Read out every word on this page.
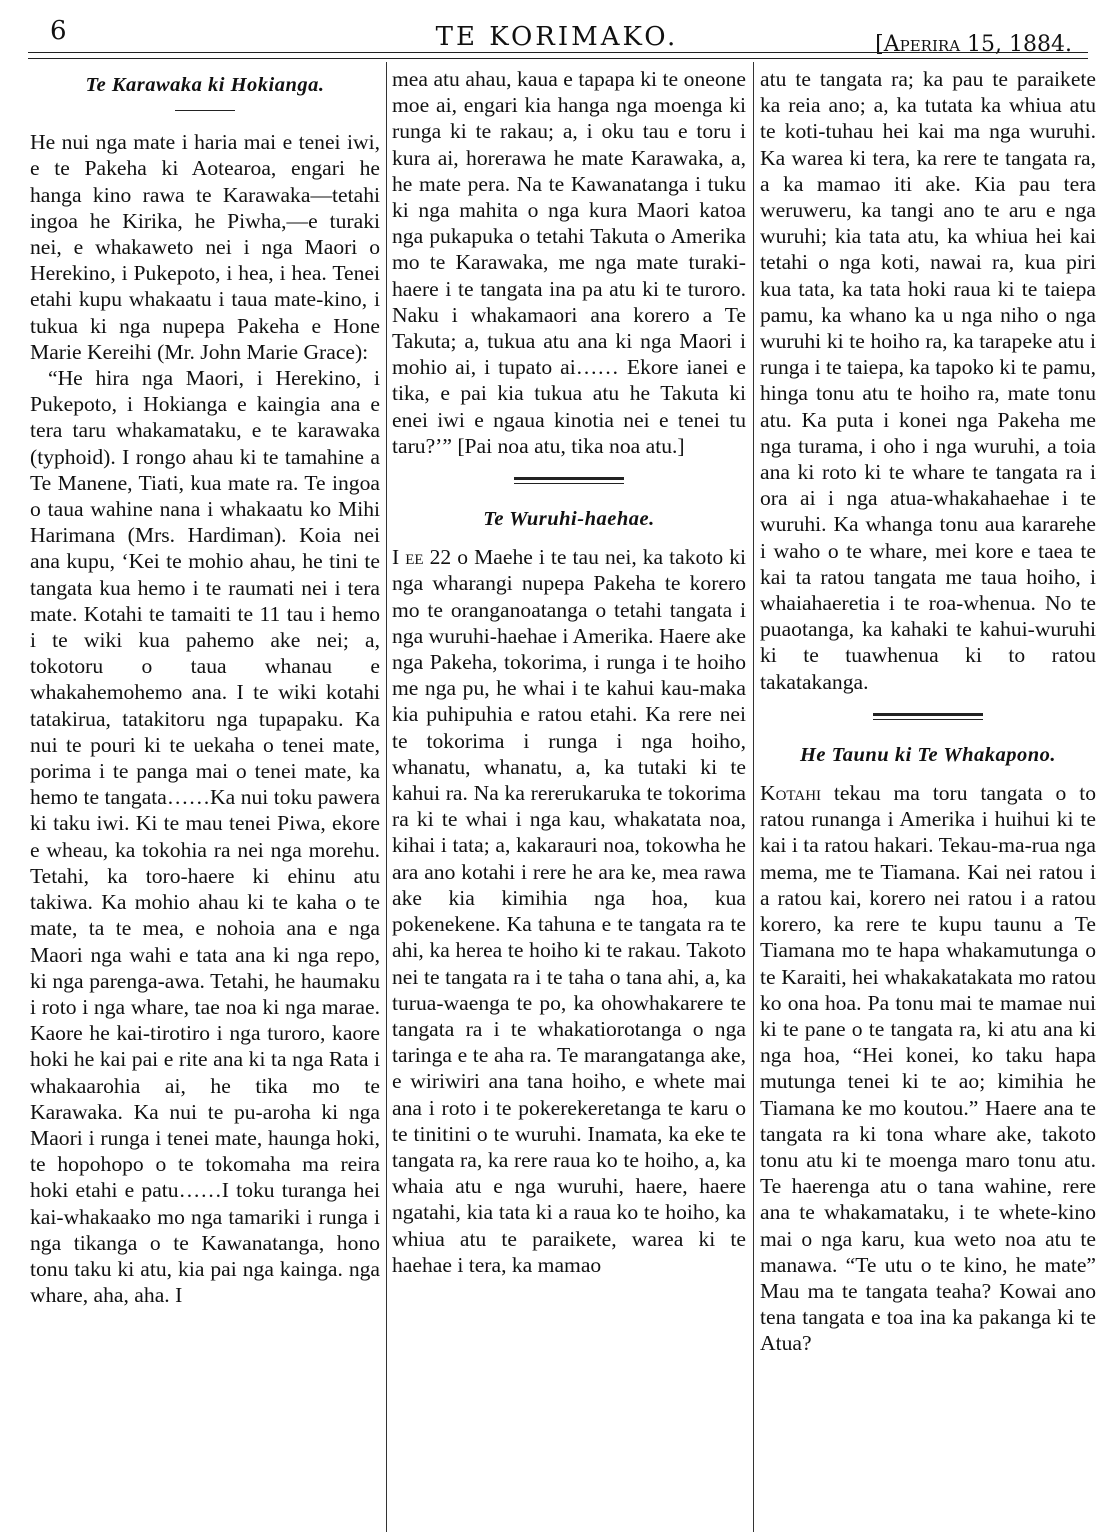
6	TE KORIMAKO.	[Aperira 15, 1884.
Te Karawaka ki Hokianga.

He nui nga mate i haria mai e tenei iwi, e te Pakeha ki Aotearoa, engari he hanga kino rawa te Karawaka—tetahi ingoa he Kirika, he Piwha,—e turaki nei, e whakaweto nei i nga Maori o Herekino, i Pukepoto, i hea, i hea. Tenei etahi kupu whakaatu i taua mate-kino, i tukua ki nga nupepa Pakeha e Hone Marie Kereihi (Mr. John Marie Grace):

“He hira nga Maori, i Herekino, i Pukepoto, i Hokianga e kaingia ana e tera taru whakamataku, e te karawaka (typhoid). I rongo ahau ki te tamahine a Te Manene, Tiati, kua mate ra. Te ingoa o taua wahine nana i whakaatu ko Mihi Harimana (Mrs. Hardiman). Koia nei ana kupu, ‘Kei te mohio ahau, he tini te tangata kua hemo i te raumati nei i tera mate. Kotahi te tamaiti te 11 tau i hemo i te wiki kua pahemo ake nei; a, tokotoru o taua whanau e whakahemohemo ana. I te wiki kotahi tatakirua, tatakitoru nga tupapaku. Ka nui te pouri ki te uekaha o tenei mate, porima i te panga mai o tenei mate, ka hemo te tangata……Ka nui toku pawera ki taku iwi. Ki te mau tenei Piwa, ekore e wheau, ka tokohia ra nei nga morehu. Tetahi, ka toro-haere ki ehinu atu takiwa. Ka mohio ahau ki te kaha o te mate, ta te mea, e nohoia ana e nga Maori nga wahi e tata ana ki nga repo, ki nga parenga-awa. Tetahi, he haumaku i roto i nga whare, tae noa ki nga marae. Kaore he kai-tirotiro i nga turoro, kaore hoki he kai pai e rite ana ki ta nga Rata i whakaarohia ai, he tika mo te Karawaka. Ka nui te pu-aroha ki nga Maori i runga i tenei mate, haunga hoki, te hopohopo o te tokomaha ma reira hoki etahi e patu……I toku turanga hei kai-whakaako mo nga tamariki i runga i nga tikanga o te Kawanatanga, hono tonu taku ki atu, kia pai nga kainga. nga whare, aha, aha. I

mea atu ahau, kaua e tapapa ki te oneone moe ai, engari kia hanga nga moenga ki runga ki te rakau; a, i oku tau e toru i kura ai, horerawa he mate Karawaka, a, he mate pera. Na te Kawanatanga i tuku ki nga mahita o nga kura Maori katoa nga pukapuka o tetahi Takuta o Amerika mo te Karawaka, me nga mate turaki-haere i te tangata ina pa atu ki te turoro. Naku i whakamaori ana korero a Te Takuta; a, tukua atu ana ki nga Maori i mohio ai, i tupato ai…… Ekore ianei e tika, e pai kia tukua atu he Takuta ki enei iwi e ngaua kinotia nei e tenei tu taru?’” [Pai noa atu, tika noa atu.]

Te Wuruhi-haehae.

I ee 22 o Maehe i te tau nei, ka takoto ki nga wharangi nupepa Pakeha te korero mo te oranganoatanga o tetahi tangata i nga wuruhi-haehae i Amerika. Haere ake nga Pakeha, tokorima, i runga i te hoiho me nga pu, he whai i te kahui kau-maka kia puhipuhia e ratou etahi. Ka rere nei te tokorima i runga i nga hoiho, whanatu, whanatu, a, ka tutaki ki te kahui ra. Na ka rererukaruka te tokorima ra ki te whai i nga kau, whakatata noa, kihai i tata; a, kakarauri noa, tokowha he ara ano kotahi i rere he ara ke, mea rawa ake kia kimihia nga hoa, kua pokenekene. Ka tahuna e te tangata ra te ahi, ka herea te hoiho ki te rakau. Takoto nei te tangata ra i te taha o tana ahi, a, ka turua-waenga te po, ka ohowhakarere te tangata ra i te whakatiorotanga o nga taringa e te aha ra. Te marangatanga ake, e wiriwiri ana tana hoiho, e whete mai ana i roto i te pokerekeretanga te karu o te tinitini o te wuruhi. Inamata, ka eke te tangata ra, ka rere raua ko te hoiho, a, ka whaia atu e nga wuruhi, haere, haere ngatahi, kia tata ki a raua ko te hoiho, ka whiua atu te paraikete, warea ki te haehae i tera, ka mamao

atu te tangata ra; ka pau te paraikete ka reia ano; a, ka tutata ka whiua atu te koti-tuhau hei kai ma nga wuruhi. Ka warea ki tera, ka rere te tangata ra, a ka mamao iti ake. Kia pau tera weruweru, ka tangi ano te aru e nga wuruhi; kia tata atu, ka whiua hei kai tetahi o nga koti, nawai ra, kua piri kua tata, ka tata hoki raua ki te taiepa pamu, ka whano ka u nga niho o nga wuruhi ki te hoiho ra, ka tarapeke atu i runga i te taiepa, ka tapoko ki te pamu, hinga tonu atu te hoiho ra, mate tonu atu. Ka puta i konei nga Pakeha me nga turama, i oho i nga wuruhi, a toia ana ki roto ki te whare te tangata ra i ora ai i nga atua-whakahaehae i te wuruhi. Ka whanga tonu aua kararehe i waho o te whare, mei kore e taea te kai ta ratou tangata me taua hoiho, i whaiahaeretia i te roa-whenua. No te puaotanga, ka kahaki te kahui-wuruhi ki te tuawhenua ki to ratou takatakanga.

He Taunu ki Te Whakapono.

Kotahi tekau ma toru tangata o to ratou runanga i Amerika i huihui ki te kai i ta ratou hakari. Tekau-ma-rua nga mema, me te Tiamana. Kai nei ratou i a ratou kai, korero nei ratou i a ratou korero, ka rere te kupu taunu a Te Tiamana mo te hapa whakamutunga o te Karaiti, hei whakakatakata mo ratou ko ona hoa. Pa tonu mai te mamae nui ki te pane o te tangata ra, ki atu ana ki nga hoa, “Hei konei, ko taku hapa mutunga tenei ki te ao; kimihia he Tiamana ke mo koutou.” Haere ana te tangata ra ki tona whare ake, takoto tonu atu ki te moenga maro tonu atu. Te haerenga atu o tana wahine, rere ana te whakamataku, i te whete-kino mai o nga karu, kua weto noa atu te manawa. “Te utu o te kino, he mate” Mau ma te tangata teaha? Kowai ano tena tangata e toa ina ka pakanga ki te Atua?
